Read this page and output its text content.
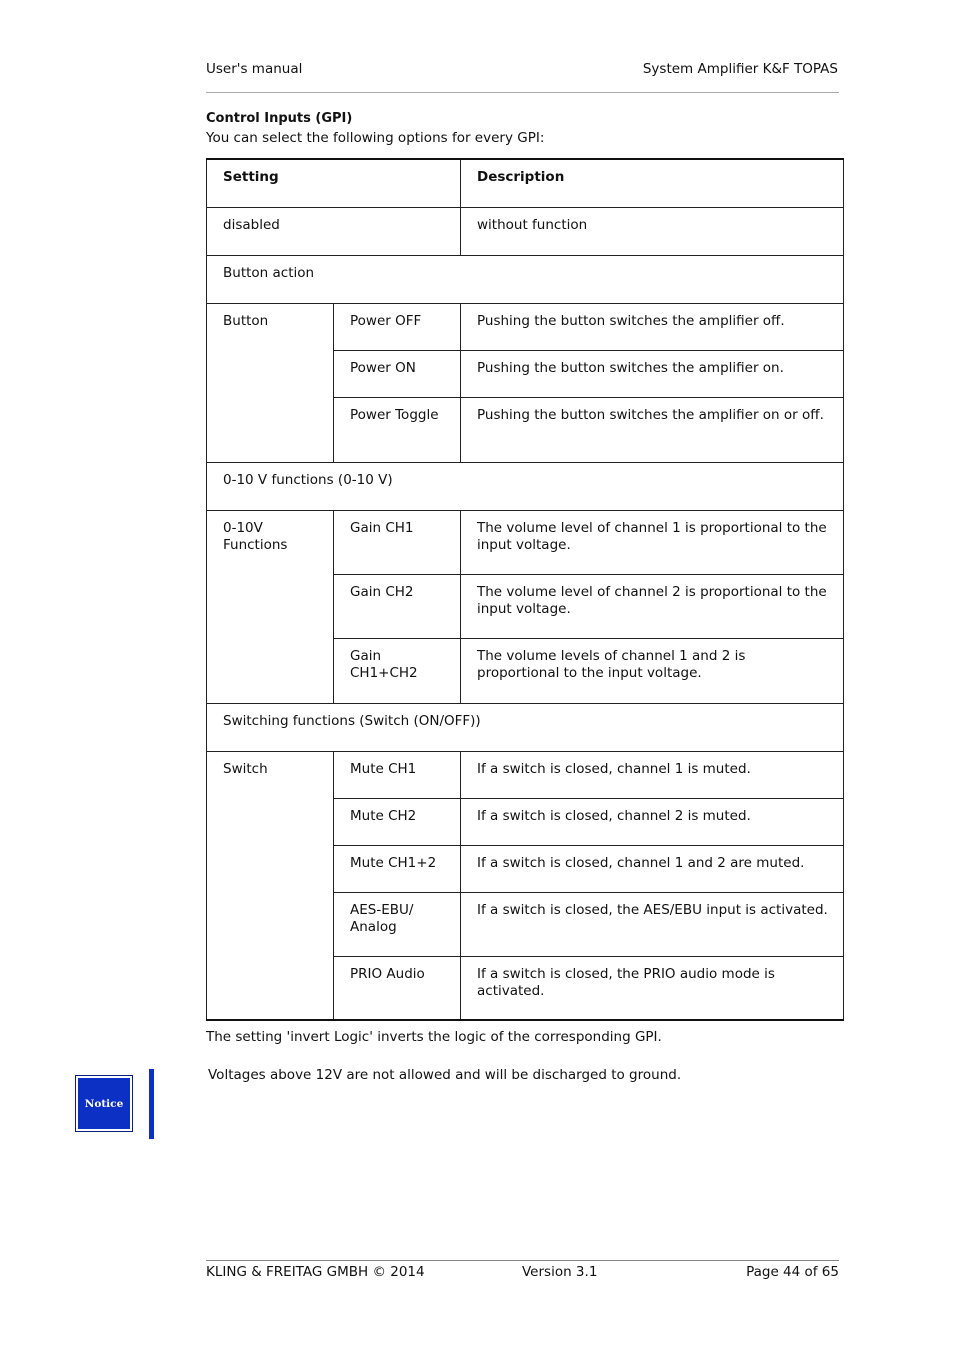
User's manual	System Amplifier K&F TOPAS
Control Inputs (GPI)
You can select the following options for every GPI:
Setting		Description
disabled		without function
Button action		
Button	Power OFF	Pushing the button switches the amplifier off.
	Power ON	Pushing the button switches the amplifier on.
	Power Toggle	Pushing the button switches the amplifier on or off.
0-10 V functions (0-10 V)		
0-10V Functions	Gain CH1	The volume level of channel 1 is proportional to the input voltage.
	Gain CH2	The volume level of channel 2 is proportional to the input voltage.
	Gain CH1+CH2	The volume levels of channel 1 and 2 is proportional to the input voltage.
Switching functions (Switch (ON/OFF))		
Switch	Mute CH1	If a switch is closed, channel 1 is muted.
	Mute CH2	If a switch is closed, channel 2 is muted.
	Mute CH1+2	If a switch is closed, channel 1 and 2 are muted.
	AES-EBU/ Analog	If a switch is closed, the AES/EBU input is activated.
	PRIO Audio	If a switch is closed, the PRIO audio mode is activated.
The setting 'invert Logic' inverts the logic of the corresponding GPI.
Notice
Voltages above 12V are not allowed and will be discharged to ground.
KLING & FREITAG GMBH © 2014	Version 3.1	Page 44 of 65
